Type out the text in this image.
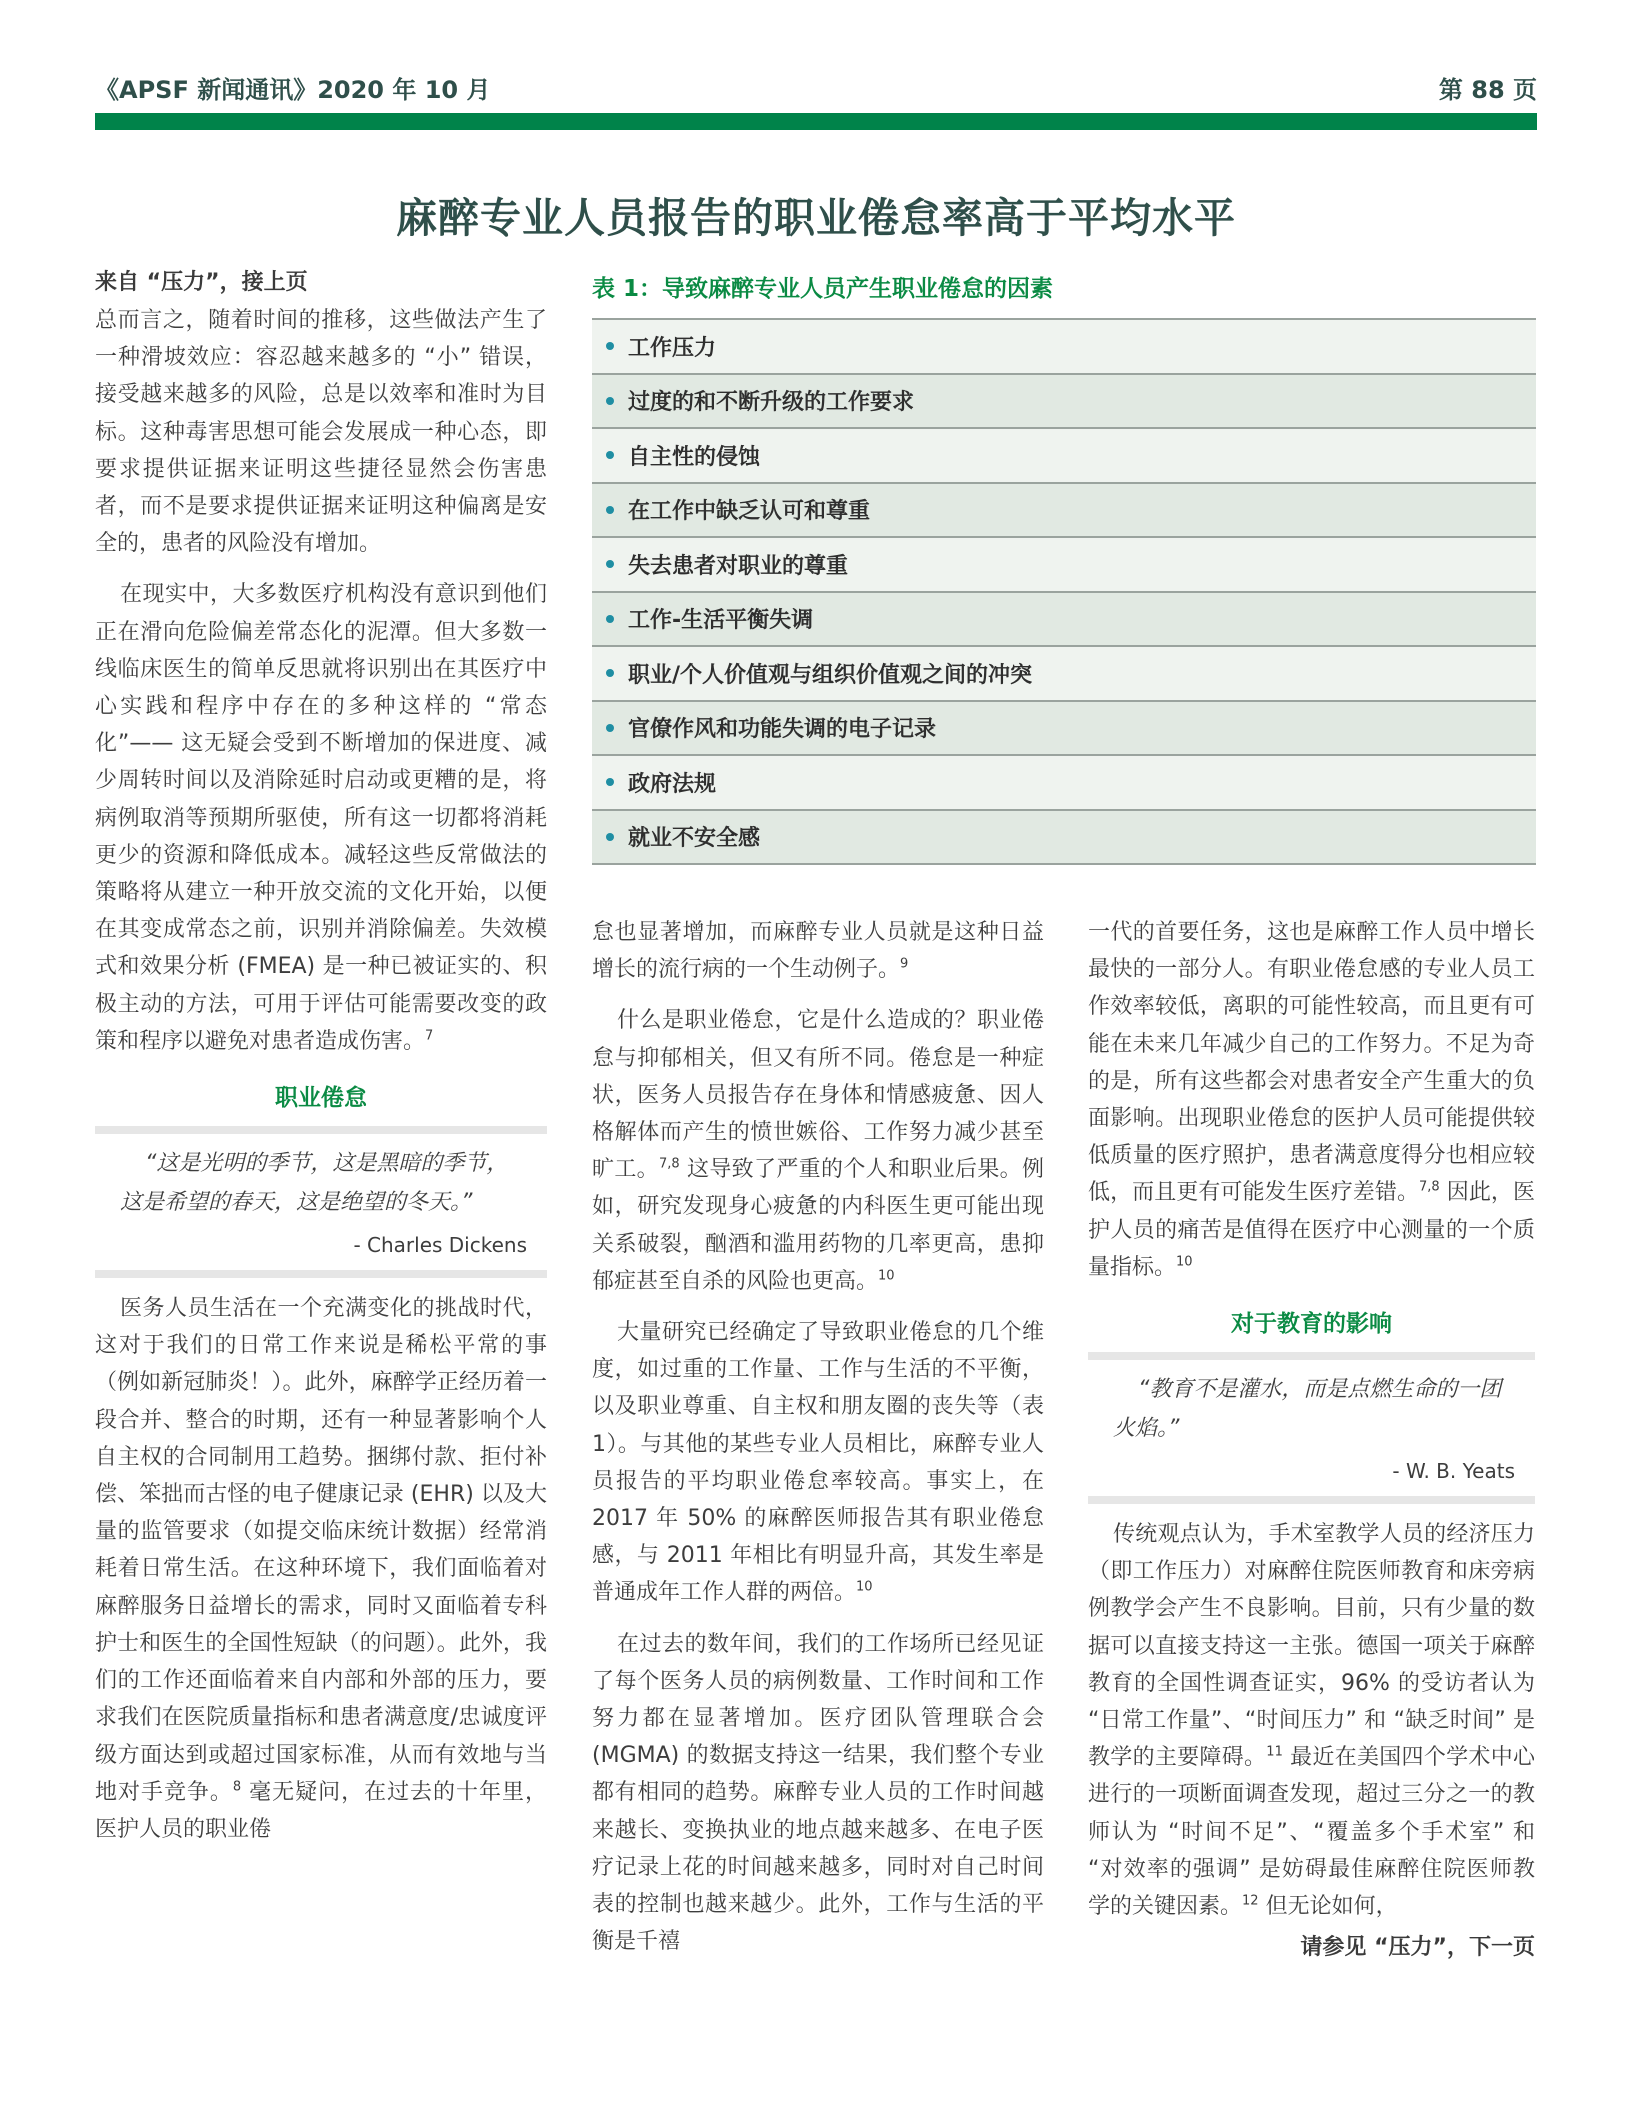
《APSF 新闻通讯》2020 年 10 月	第 88 页
麻醉专业人员报告的职业倦怠率高于平均水平
来自 “压力”，接上页

总而言之，随着时间的推移，这些做法产生了一种滑坡效应：容忍越来越多的 “小” 错误，接受越来越多的风险，总是以效率和准时为目标。这种毒害思想可能会发展成一种心态，即要求提供证据来证明这些捷径显然会伤害患者，而不是要求提供证据来证明这种偏离是安全的，患者的风险没有增加。

在现实中，大多数医疗机构没有意识到他们正在滑向危险偏差常态化的泥潭。但大多数一线临床医生的简单反思就将识别出在其医疗中心实践和程序中存在的多种这样的 “常态化”—— 这无疑会受到不断增加的保进度、减少周转时间以及消除延时启动或更糟的是，将病例取消等预期所驱使，所有这一切都将消耗更少的资源和降低成本。减轻这些反常做法的策略将从建立一种开放交流的文化开始，以便在其变成常态之前，识别并消除偏差。失效模式和效果分析 (FMEA) 是一种已被证实的、积极主动的方法，可用于评估可能需要改变的政策和程序以避免对患者造成伤害。$^7$

职业倦怠
“这是光明的季节，这是黑暗的季节，这是希望的春天，这是绝望的冬天。”
- Charles Dickens

医务人员生活在一个充满变化的挑战时代，这对于我们的日常工作来说是稀松平常的事（例如新冠肺炎！）。此外，麻醉学正经历着一段合并、整合的时期，还有一种显著影响个人自主权的合同制用工趋势。捆绑付款、拒付补偿、笨拙而古怪的电子健康记录 (EHR) 以及大量的监管要求（如提交临床统计数据）经常消耗着日常生活。在这种环境下，我们面临着对麻醉服务日益增长的需求，同时又面临着专科护士和医生的全国性短缺（的问题）。此外，我们的工作还面临着来自内部和外部的压力，要求我们在医院质量指标和患者满意度/忠诚度评级方面达到或超过国家标准，从而有效地与当地对手竞争。$^8$ 毫无疑问，在过去的十年里，医护人员的职业倦

表 1：导致麻醉专业人员产生职业倦怠的因素
工作压力
过度的和不断升级的工作要求
自主性的侵蚀
在工作中缺乏认可和尊重
失去患者对职业的尊重
工作-生活平衡失调
职业/个人价值观与组织价值观之间的冲突
官僚作风和功能失调的电子记录
政府法规
就业不安全感

怠也显著增加，而麻醉专业人员就是这种日益增长的流行病的一个生动例子。$^9$

什么是职业倦怠，它是什么造成的？职业倦怠与抑郁相关，但又有所不同。倦怠是一种症状，医务人员报告存在身体和情感疲惫、因人格解体而产生的愤世嫉俗、工作努力减少甚至旷工。$^{7,8}$ 这导致了严重的个人和职业后果。例如，研究发现身心疲惫的内科医生更可能出现关系破裂，酗酒和滥用药物的几率更高，患抑郁症甚至自杀的风险也更高。$^{10}$

大量研究已经确定了导致职业倦怠的几个维度，如过重的工作量、工作与生活的不平衡，以及职业尊重、自主权和朋友圈的丧失等（表 1）。与其他的某些专业人员相比，麻醉专业人员报告的平均职业倦怠率较高。事实上，在 2017 年 50% 的麻醉医师报告其有职业倦怠感，与 2011 年相比有明显升高，其发生率是普通成年工作人群的两倍。$^{10}$

在过去的数年间，我们的工作场所已经见证了每个医务人员的病例数量、工作时间和工作努力都在显著增加。医疗团队管理联合会 (MGMA) 的数据支持这一结果，我们整个专业都有相同的趋势。麻醉专业人员的工作时间越来越长、变换执业的地点越来越多、在电子医疗记录上花的时间越来越多，同时对自己时间表的控制也越来越少。此外，工作与生活的平衡是千禧

一代的首要任务，这也是麻醉工作人员中增长最快的一部分人。有职业倦怠感的专业人员工作效率较低，离职的可能性较高，而且更有可能在未来几年减少自己的工作努力。不足为奇的是，所有这些都会对患者安全产生重大的负面影响。出现职业倦怠的医护人员可能提供较低质量的医疗照护，患者满意度得分也相应较低，而且更有可能发生医疗差错。$^{7,8}$ 因此，医护人员的痛苦是值得在医疗中心测量的一个质量指标。$^{10}$

对于教育的影响
“教育不是灌水，而是点燃生命的一团火焰。”
- W. B. Yeats

传统观点认为，手术室教学人员的经济压力（即工作压力）对麻醉住院医师教育和床旁病例教学会产生不良影响。目前，只有少量的数据可以直接支持这一主张。德国一项关于麻醉教育的全国性调查证实，96% 的受访者认为 “日常工作量”、“时间压力” 和 “缺乏时间” 是教学的主要障碍。$^{11}$ 最近在美国四个学术中心进行的一项断面调查发现，超过三分之一的教师认为 “时间不足”、“覆盖多个手术室” 和 “对效率的强调” 是妨碍最佳麻醉住院医师教学的关键因素。$^{12}$ 但无论如何，

请参见 “压力”，下一页
